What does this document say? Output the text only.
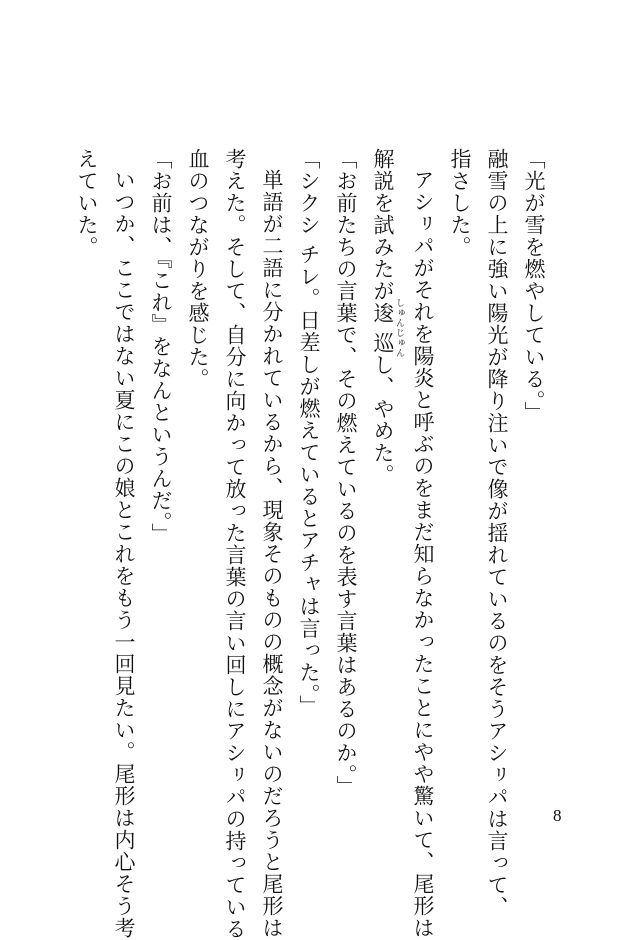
「光が雪を燃やしている。」
融雪の上に強い陽光が降り注いで像が揺れているのをそうアシㇼパは言って、
指さした。
アシㇼパがそれを陽炎と呼ぶのをまだ知らなかったことにやや驚いて、尾形は
解説を試みたが逡巡 しゅんじゅんし、やめた。
「お前たちの言葉で、その燃えているのを表す言葉はあるのか。」
「シクシ チレ。日差しが燃えているとアチャは言った。」
単語が二語に分かれているから、現象そのものの概念がないのだろうと尾形は
考えた。そして、自分に向かって放った言葉の言い回しにアシㇼパの持っている
血のつながりを感じた。
「お前は、『これ』をなんというんだ。」
いつか、ここではない夏にこの娘とこれをもう一回見たい。尾形は内心そう考
えていた。
8
